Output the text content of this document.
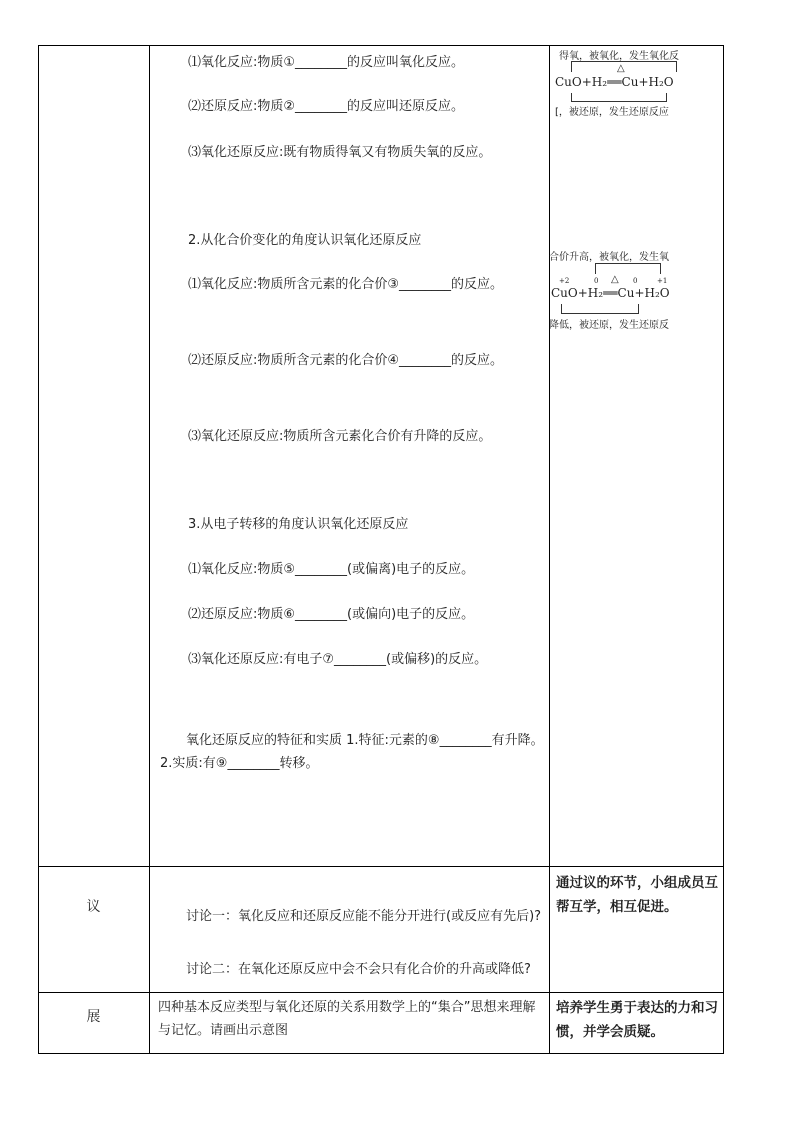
⑴氧化反应:物质①________的反应叫氧化反应。
⑵还原反应:物质②________的反应叫还原反应。
⑶氧化还原反应:既有物质得氧又有物质失氧的反应。
2.从化合价变化的角度认识氧化还原反应
⑴氧化反应:物质所含元素的化合价③________的反应。
⑵还原反应:物质所含元素的化合价④________的反应。
⑶氧化还原反应:物质所含元素化合价有升降的反应。
3.从电子转移的角度认识氧化还原反应
⑴氧化反应:物质⑤________(或偏离)电子的反应。
⑵还原反应:物质⑥________(或偏向)电子的反应。
⑶氧化还原反应:有电子⑦________(或偏移)的反应。
氧化还原反应的特征和实质 1.特征:元素的⑧________有升降。 2.实质:有⑨________转移。
议
展
讨论一：氧化反应和还原反应能不能分开进行(或反应有先后)?
讨论二：在氧化还原反应中会不会只有化合价的升高或降低?
四种基本反应类型与氧化还原的关系用数学上的“集合”思想来理解与记忆。请画出示意图
通过议的环节，小组成员互帮互学，相互促进。
培养学生勇于表达的力和习惯，并学会质疑。
得氧，被氧化，发生氧化反
△
CuO+H₂══Cu+H₂O
[，被还原，发生还原反应
合价升高，被氧化，发生氧
+2	0 △ 0	+1
CuO+H₂══Cu+H₂O
降低，被还原，发生还原反
